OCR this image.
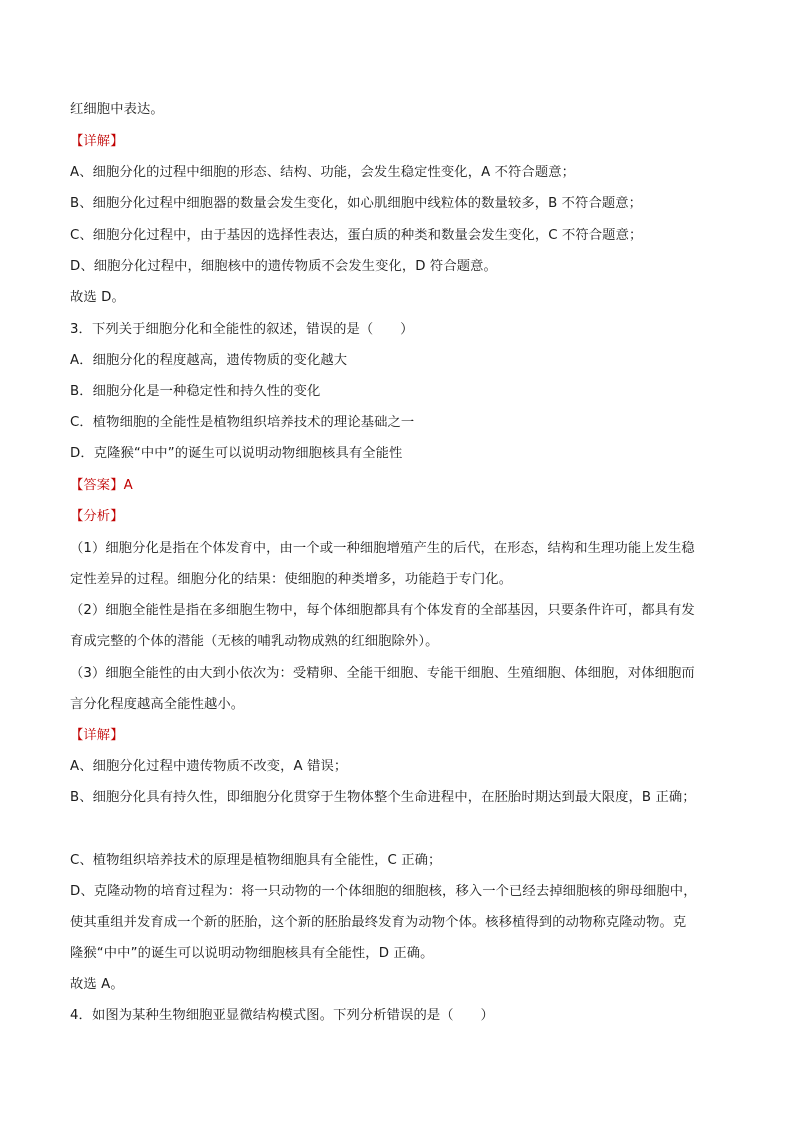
红细胞中表达。
【详解】
A、细胞分化的过程中细胞的形态、结构、功能，会发生稳定性变化，A 不符合题意；
B、细胞分化过程中细胞器的数量会发生变化，如心肌细胞中线粒体的数量较多，B 不符合题意；
C、细胞分化过程中，由于基因的选择性表达，蛋白质的种类和数量会发生变化，C 不符合题意；
D、细胞分化过程中，细胞核中的遗传物质不会发生变化，D 符合题意。
故选 D。
3．下列关于细胞分化和全能性的叙述，错误的是（　　）
A．细胞分化的程度越高，遗传物质的变化越大
B．细胞分化是一种稳定性和持久性的变化
C．植物细胞的全能性是植物组织培养技术的理论基础之一
D．克隆猴“中中”的诞生可以说明动物细胞核具有全能性
【答案】A
【分析】
（1）细胞分化是指在个体发育中，由一个或一种细胞增殖产生的后代，在形态，结构和生理功能上发生稳
定性差异的过程。细胞分化的结果：使细胞的种类增多，功能趋于专门化。
（2）细胞全能性是指在多细胞生物中，每个体细胞都具有个体发育的全部基因，只要条件许可，都具有发
育成完整的个体的潜能（无核的哺乳动物成熟的红细胞除外）。
（3）细胞全能性的由大到小依次为：受精卵、全能干细胞、专能干细胞、生殖细胞、体细胞，对体细胞而
言分化程度越高全能性越小。
【详解】
A、细胞分化过程中遗传物质不改变，A 错误；
B、细胞分化具有持久性，即细胞分化贯穿于生物体整个生命进程中，在胚胎时期达到最大限度，B 正确；
C、植物组织培养技术的原理是植物细胞具有全能性，C 正确；
D、克隆动物的培育过程为：将一只动物的一个体细胞的细胞核，移入一个已经去掉细胞核的卵母细胞中，
使其重组并发育成一个新的胚胎，这个新的胚胎最终发育为动物个体。核移植得到的动物称克隆动物。克
隆猴“中中”的诞生可以说明动物细胞核具有全能性，D 正确。
故选 A。
4．如图为某种生物细胞亚显微结构模式图。下列分析错误的是（　　）
